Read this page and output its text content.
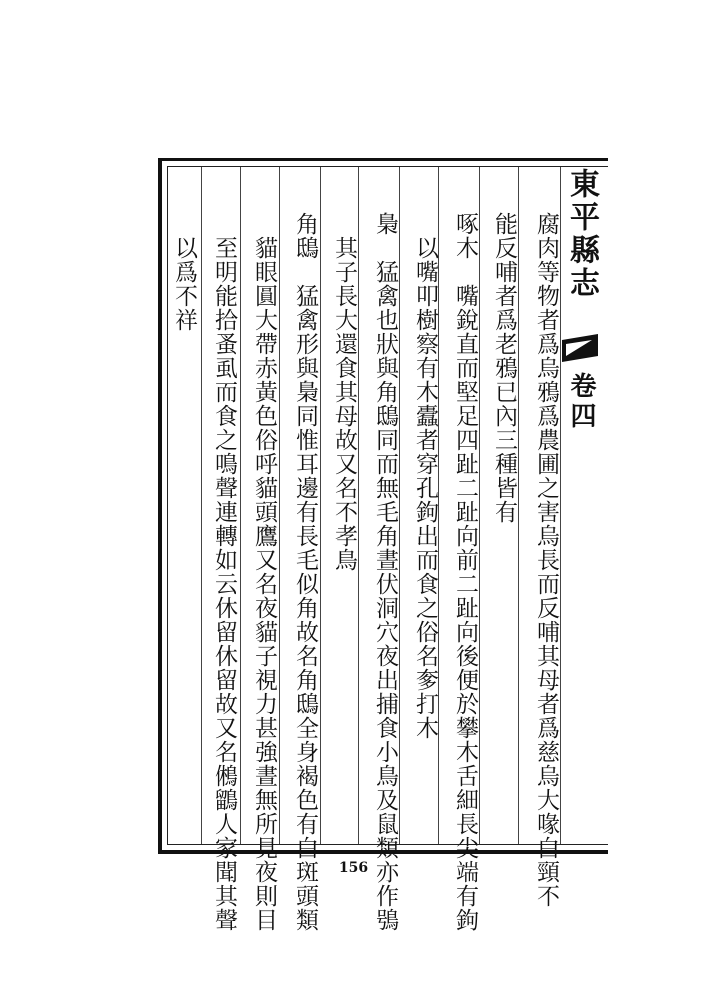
東平縣志
卷四
腐肉等物者爲烏鴉爲農圃之害烏長而反哺其母者爲慈烏大喙白頸不
能反哺者爲老鴉已內三種皆有
啄木　嘴銳直而堅足四趾二趾向前二趾向後便於攀木舌細長尖端有鉤
以嘴叩樹察有木蠹者穿孔鉤出而食之俗名奓打木
梟　猛禽也狀與角鴟同而無毛角晝伏洞穴夜出捕食小鳥及鼠類亦作鴞
其子長大還食其母故又名不孝鳥
角鴟　猛禽形與梟同惟耳邊有長毛似角故名角鴟全身褐色有白斑頭類
貓眼圓大帶赤黃色俗呼貓頭鷹又名夜貓子視力甚強晝無所見夜則目
至明能拾蚤虱而食之鳴聲連轉如云休留休留故又名鵂鶹人家聞其聲
以爲不祥
156
